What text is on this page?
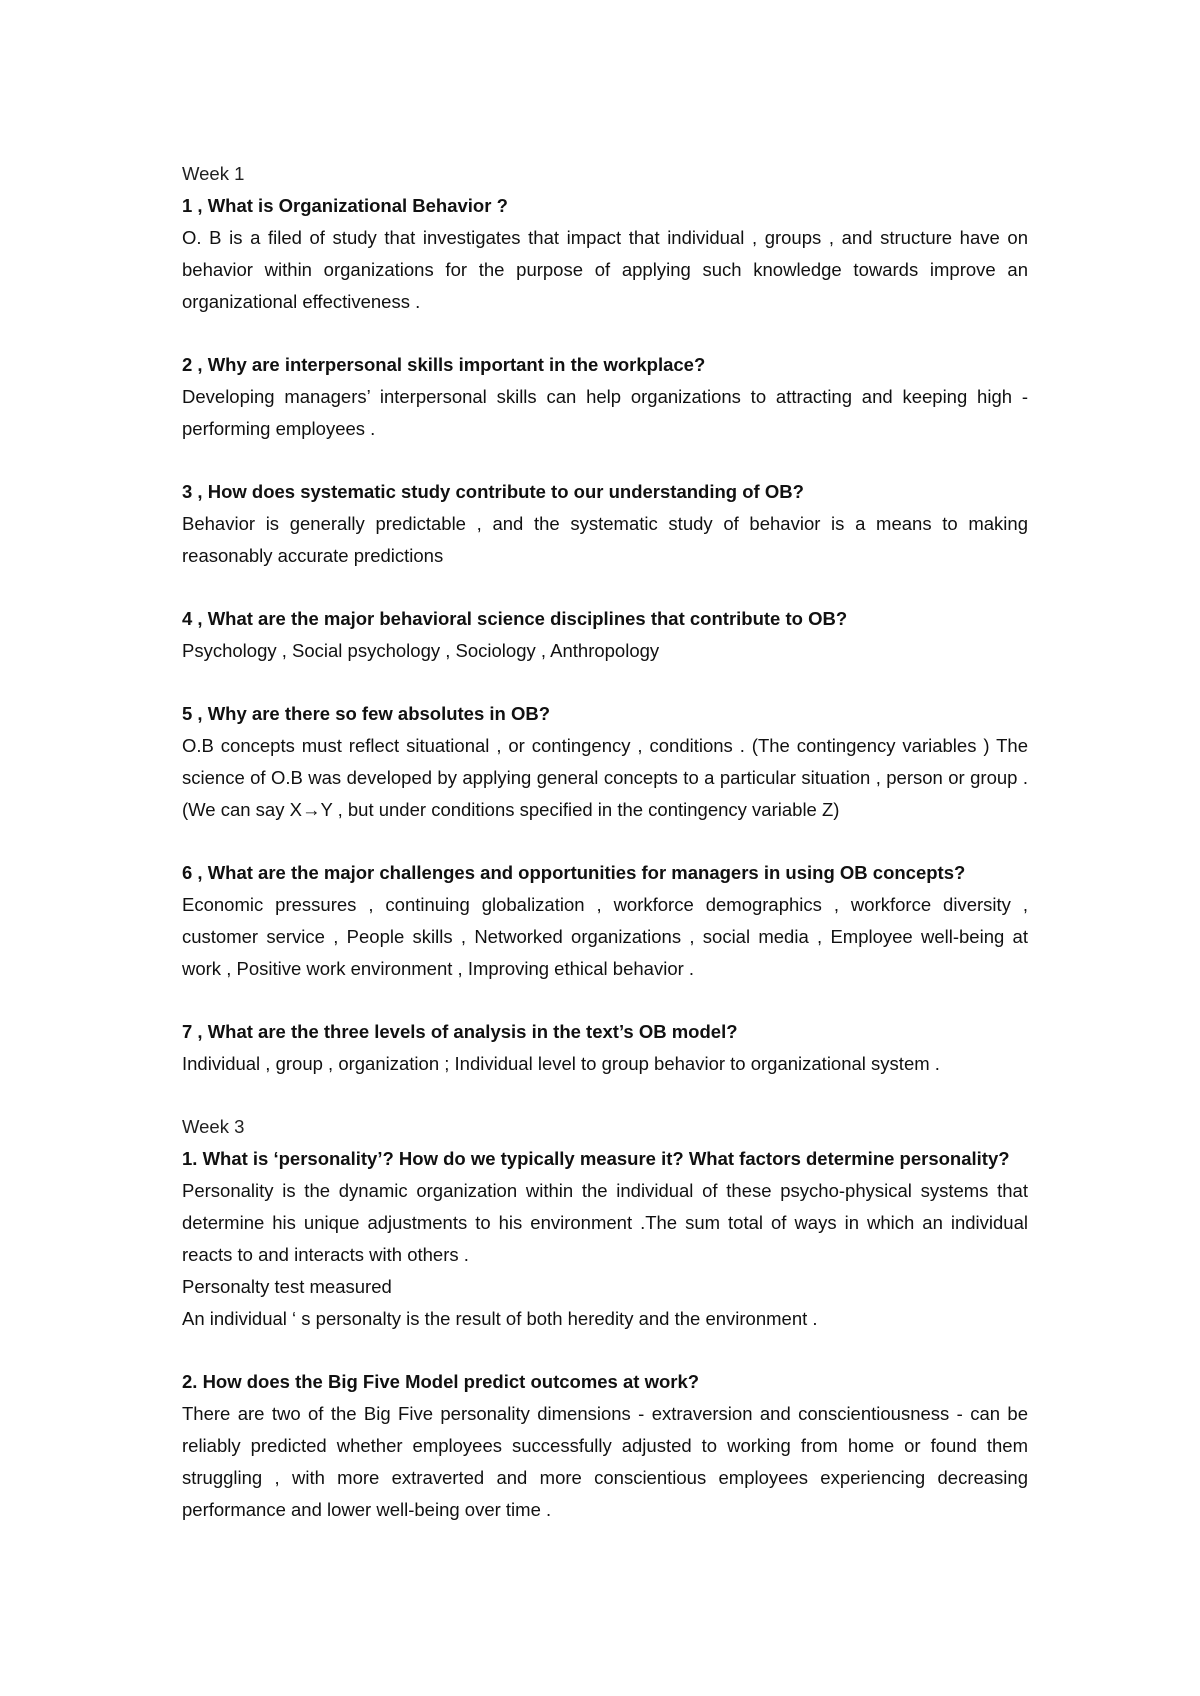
Week 1

1 , What is Organizational Behavior ?

O. B is a filed of study that investigates that impact that individual , groups , and structure have on behavior within organizations for the purpose of applying such knowledge towards improve an organizational effectiveness .

2 , Why are interpersonal skills important in the workplace?

Developing managers’ interpersonal skills can help organizations to attracting and keeping high - performing employees .

3 , How does systematic study contribute to our understanding of OB?

Behavior is generally predictable , and the systematic study of behavior is a means to making reasonably accurate predictions

4 , What are the major behavioral science disciplines that contribute to OB?

Psychology , Social psychology , Sociology , Anthropology

5 , Why are there so few absolutes in OB?

O.B concepts must reflect situational , or contingency , conditions . (The contingency variables ) The science of O.B was developed by applying general concepts to a particular situation , person or group .(We can say X→Y , but under conditions specified in the contingency variable Z)

6 , What are the major challenges and opportunities for managers in using OB concepts?

Economic pressures , continuing globalization , workforce demographics , workforce diversity , customer service , People skills , Networked organizations , social media , Employee well-being at work , Positive work environment , Improving ethical behavior .

7 , What are the three levels of analysis in the text’s OB model?

Individual , group , organization ; Individual level to group behavior to organizational system .

Week 3

1. What is ‘personality’? How do we typically measure it? What factors determine personality?

Personality is the dynamic organization within the individual of these psycho-physical systems that determine his unique adjustments to his environment .The sum total of ways in which an individual reacts to and interacts with others .

Personalty test measured

An individual ‘ s personalty is the result of both heredity and the environment .

2. How does the Big Five Model predict outcomes at work?

There are two of the Big Five personality dimensions - extraversion and conscientiousness - can be reliably predicted whether employees successfully adjusted to working from home or found them struggling , with more extraverted and more conscientious employees experiencing decreasing performance and lower well-being over time .
